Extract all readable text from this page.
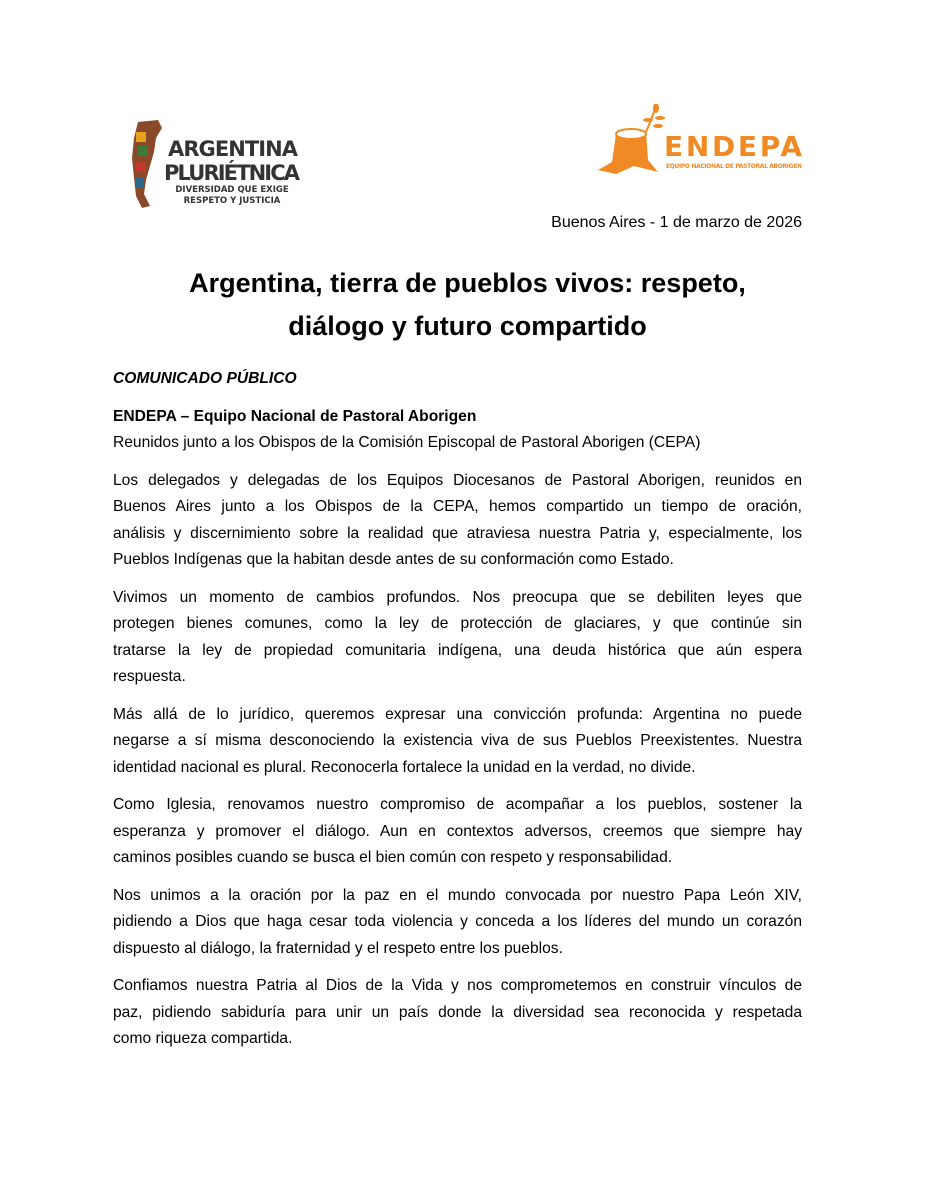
ARGENTINA
PLURIÉTNICA
DIVERSIDAD QUE EXIGE
RESPETO Y JUSTICIA
ENDEPA
EQUIPO NACIONAL DE PASTORAL ABORIGEN
Buenos Aires - 1 de marzo de 2026
Argentina, tierra de pueblos vivos: respeto,
diálogo y futuro compartido
COMUNICADO PÚBLICO
ENDEPA – Equipo Nacional de Pastoral Aborigen
Reunidos junto a los Obispos de la Comisión Episcopal de Pastoral Aborigen (CEPA)
Los delegados y delegadas de los Equipos Diocesanos de Pastoral Aborigen, reunidos en
Buenos Aires junto a los Obispos de la CEPA, hemos compartido un tiempo de oración,
análisis y discernimiento sobre la realidad que atraviesa nuestra Patria y, especialmente, los
Pueblos Indígenas que la habitan desde antes de su conformación como Estado.
Vivimos un momento de cambios profundos. Nos preocupa que se debiliten leyes que
protegen bienes comunes, como la ley de protección de glaciares, y que continúe sin
tratarse la ley de propiedad comunitaria indígena, una deuda histórica que aún espera
respuesta.
Más allá de lo jurídico, queremos expresar una convicción profunda: Argentina no puede
negarse a sí misma desconociendo la existencia viva de sus Pueblos Preexistentes. Nuestra
identidad nacional es plural. Reconocerla fortalece la unidad en la verdad, no divide.
Como Iglesia, renovamos nuestro compromiso de acompañar a los pueblos, sostener la
esperanza y promover el diálogo. Aun en contextos adversos, creemos que siempre hay
caminos posibles cuando se busca el bien común con respeto y responsabilidad.
Nos unimos a la oración por la paz en el mundo convocada por nuestro Papa León XIV,
pidiendo a Dios que haga cesar toda violencia y conceda a los líderes del mundo un corazón
dispuesto al diálogo, la fraternidad y el respeto entre los pueblos.
Confiamos nuestra Patria al Dios de la Vida y nos comprometemos en construir vínculos de
paz, pidiendo sabiduría para unir un país donde la diversidad sea reconocida y respetada
como riqueza compartida.
